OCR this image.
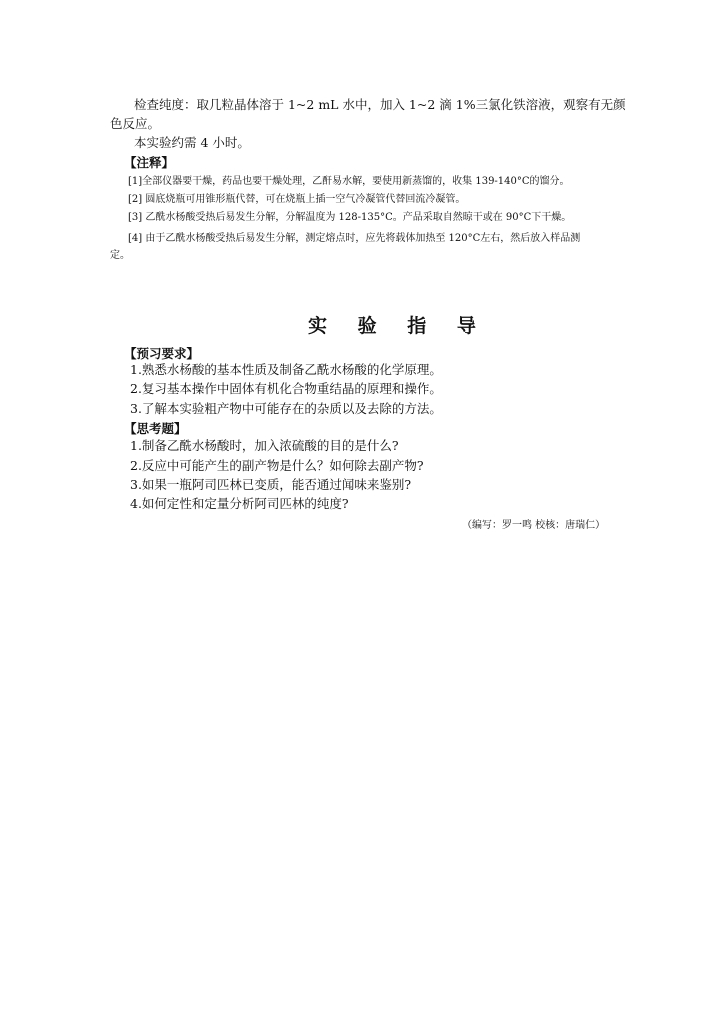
检查纯度：取几粒晶体溶于 1~2 mL 水中，加入 1~2 滴 1%三氯化铁溶液，观察有无颜
色反应。
本实验约需 4 小时。
【注释】
[1]全部仪器要干燥，药品也要干燥处理，乙酐易水解，要使用新蒸馏的，收集 139-140°C的馏分。
[2] 圆底烧瓶可用锥形瓶代替，可在烧瓶上插一空气冷凝管代替回流冷凝管。
[3] 乙酰水杨酸受热后易发生分解，分解温度为 128-135°C。产品采取自然晾干或在 90°C下干燥。
[4] 由于乙酰水杨酸受热后易发生分解，测定熔点时，应先将载体加热至 120°C左右，然后放入样品测
定。
实 验 指 导
【预习要求】
1.熟悉水杨酸的基本性质及制备乙酰水杨酸的化学原理。
2.复习基本操作中固体有机化合物重结晶的原理和操作。
3.了解本实验粗产物中可能存在的杂质以及去除的方法。
【思考题】
1.制备乙酰水杨酸时，加入浓硫酸的目的是什么?
2.反应中可能产生的副产物是什么？如何除去副产物?
3.如果一瓶阿司匹林已变质，能否通过闻味来鉴别?
4.如何定性和定量分析阿司匹林的纯度?
（编写：罗一鸣 校核：唐瑞仁）
